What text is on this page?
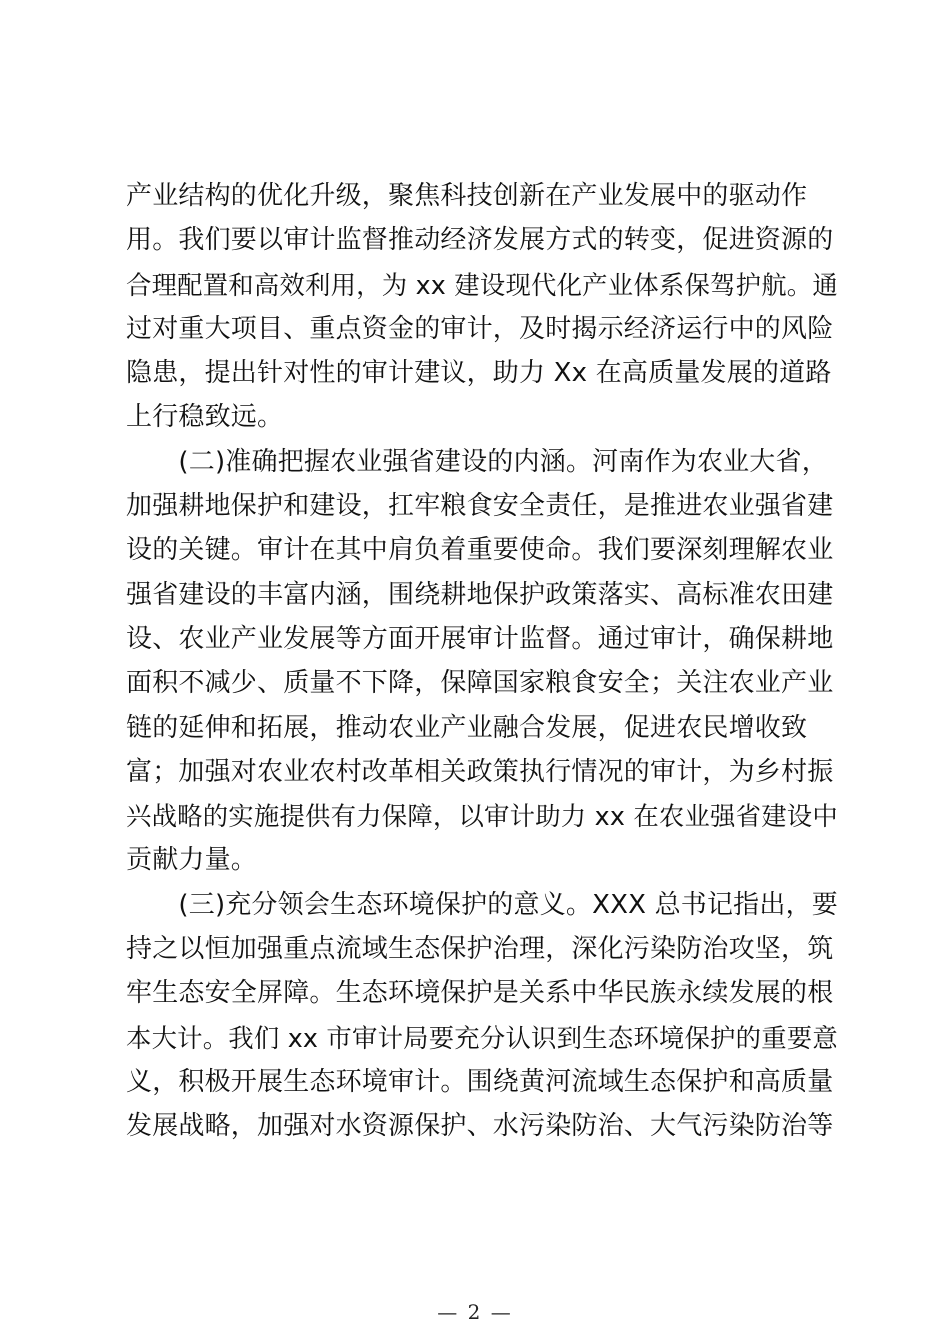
产业结构的优化升级，聚焦科技创新在产业发展中的驱动作
用。我们要以审计监督推动经济发展方式的转变，促进资源的
合理配置和高效利用，为 xx 建设现代化产业体系保驾护航。通
过对重大项目、重点资金的审计，及时揭示经济运行中的风险
隐患，提出针对性的审计建议，助力 Xx 在高质量发展的道路
上行稳致远。
　　(二)准确把握农业强省建设的内涵。河南作为农业大省，
加强耕地保护和建设，扛牢粮食安全责任，是推进农业强省建
设的关键。审计在其中肩负着重要使命。我们要深刻理解农业
强省建设的丰富内涵，围绕耕地保护政策落实、高标准农田建
设、农业产业发展等方面开展审计监督。通过审计，确保耕地
面积不减少、质量不下降，保障国家粮食安全；关注农业产业
链的延伸和拓展，推动农业产业融合发展，促进农民增收致
富；加强对农业农村改革相关政策执行情况的审计，为乡村振
兴战略的实施提供有力保障，以审计助力 xx 在农业强省建设中
贡献力量。
　　(三)充分领会生态环境保护的意义。XXX 总书记指出，要
持之以恒加强重点流域生态保护治理，深化污染防治攻坚，筑
牢生态安全屏障。生态环境保护是关系中华民族永续发展的根
本大计。我们 xx 市审计局要充分认识到生态环境保护的重要意
义，积极开展生态环境审计。围绕黄河流域生态保护和高质量
发展战略，加强对水资源保护、水污染防治、大气污染防治等
— 2 —
